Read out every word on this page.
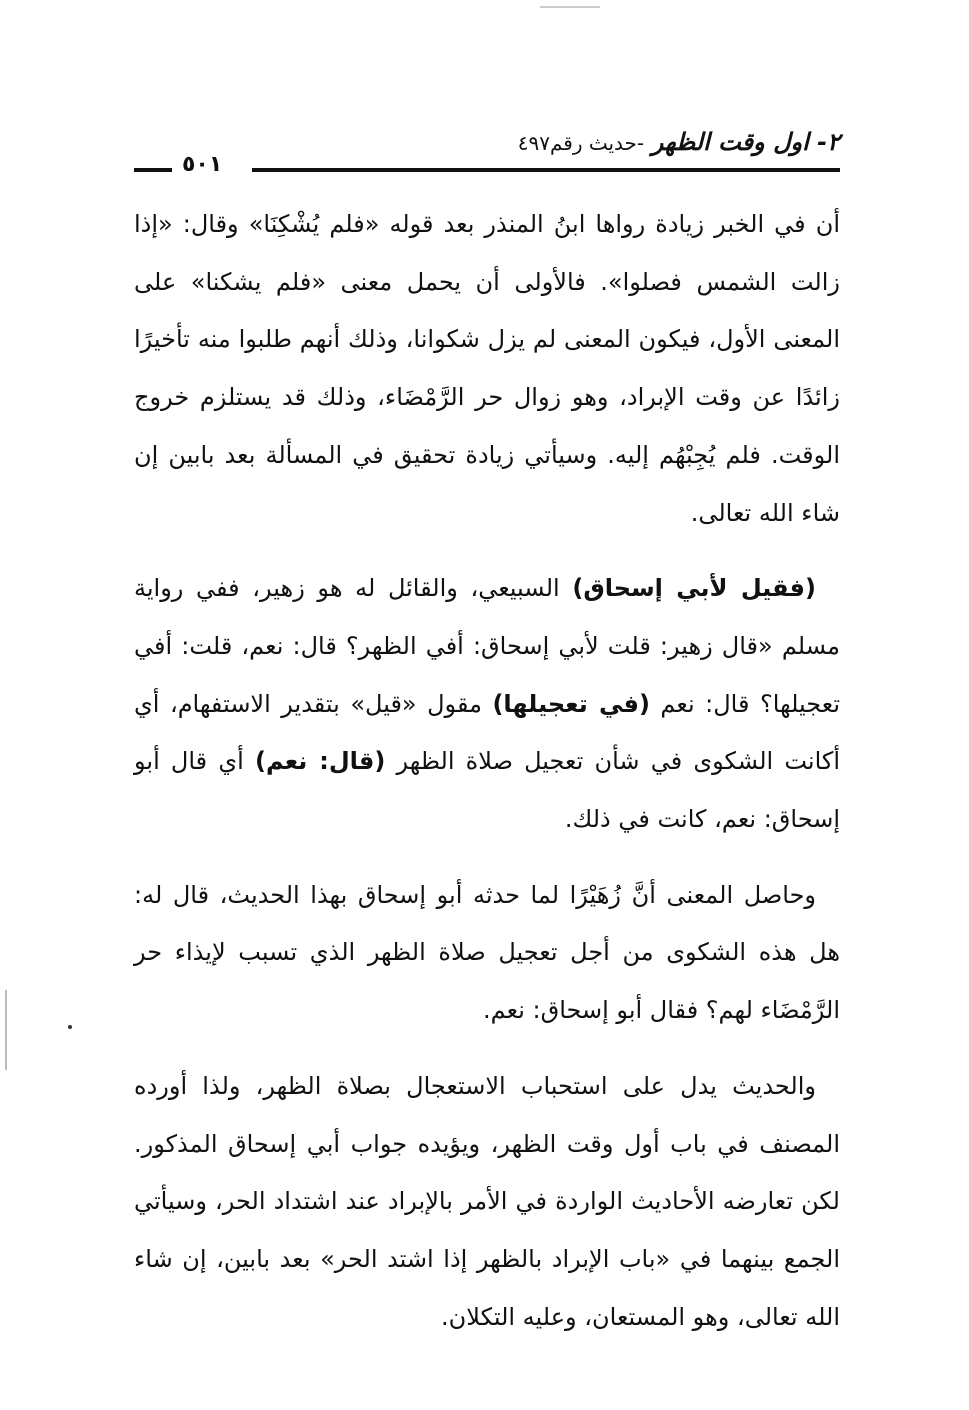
٢- اول وقت الظهر -حديث رقم٤٩٧
٥٠١

أن في الخبر زيادة رواها ابنُ المنذر بعد قوله «فلم يُشْكِنَا» وقال: «إذا زالت الشمس فصلوا». فالأولى أن يحمل معنى «فلم يشكنا» على المعنى الأول، فيكون المعنى لم يزل شكوانا، وذلك أنهم طلبوا منه تأخيرًا زائدًا عن وقت الإبراد، وهو زوال حر الرَّمْضَاء، وذلك قد يستلزم خروج الوقت. فلم يُجِبْهُم إليه. وسيأتي زيادة تحقيق في المسألة بعد بابين إن شاء الله تعالى.

(فقيل لأبي إسحاق) السبيعي، والقائل له هو زهير، ففي رواية مسلم «قال زهير: قلت لأبي إسحاق: أفي الظهر؟ قال: نعم، قلت: أفي تعجيلها؟ قال: نعم (في تعجيلها) مقول «قيل» بتقدير الاستفهام، أي أكانت الشكوى في شأن تعجيل صلاة الظهر (قال: نعم) أي قال أبو إسحاق: نعم، كانت في ذلك.

وحاصل المعنى أنَّ زُهَيْرًا لما حدثه أبو إسحاق بهذا الحديث، قال له: هل هذه الشكوى من أجل تعجيل صلاة الظهر الذي تسبب لإيذاء حر الرَّمْضَاء لهم؟ فقال أبو إسحاق: نعم.

والحديث يدل على استحباب الاستعجال بصلاة الظهر، ولذا أورده المصنف في باب أول وقت الظهر، ويؤيده جواب أبي إسحاق المذكور. لكن تعارضه الأحاديث الواردة في الأمر بالإبراد عند اشتداد الحر، وسيأتي الجمع بينهما في «باب الإبراد بالظهر إذا اشتد الحر» بعد بابين، إن شاء الله تعالى، وهو المستعان، وعليه التكلان.
